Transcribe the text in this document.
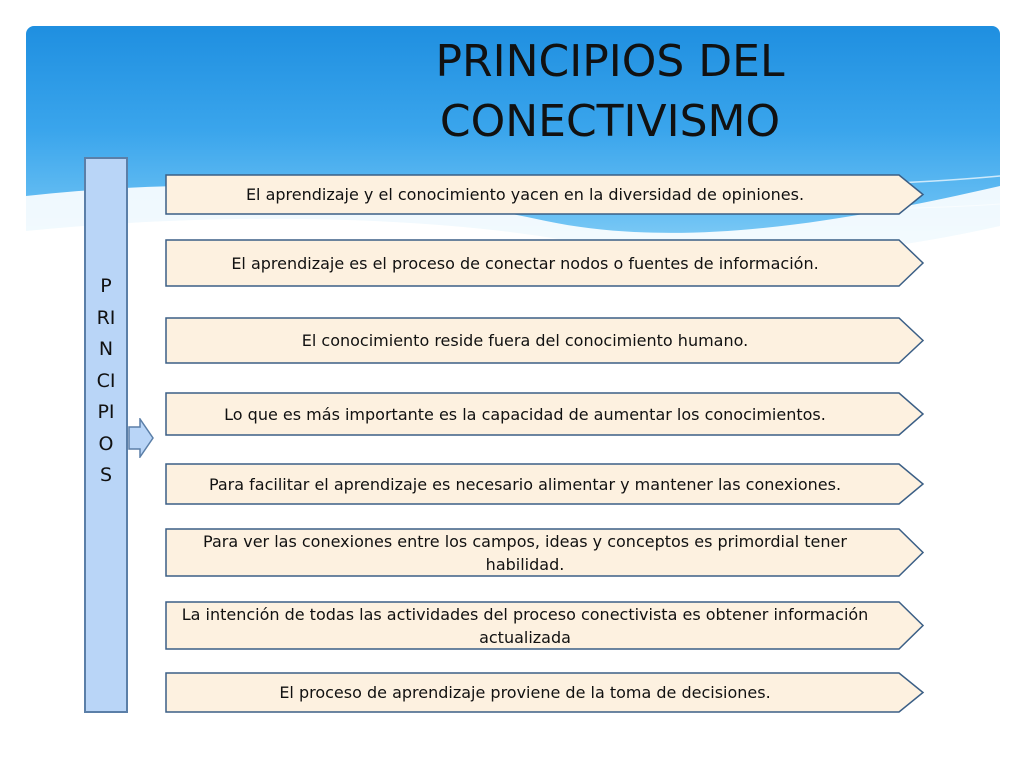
PRINCIPIOS DEL
CONECTIVISMO
PRINCIPIOS
El aprendizaje y el conocimiento yacen en la diversidad de opiniones.
El aprendizaje es el proceso de conectar nodos o fuentes de información.
El conocimiento reside fuera del conocimiento humano.
Lo que es más importante es la capacidad de aumentar los conocimientos.
Para facilitar el aprendizaje es necesario alimentar y mantener las conexiones.
Para ver las conexiones entre los campos, ideas y conceptos es primordial tener habilidad.
La intención de todas las actividades del proceso conectivista es obtener información actualizada
El proceso de aprendizaje proviene de la toma de decisiones.
